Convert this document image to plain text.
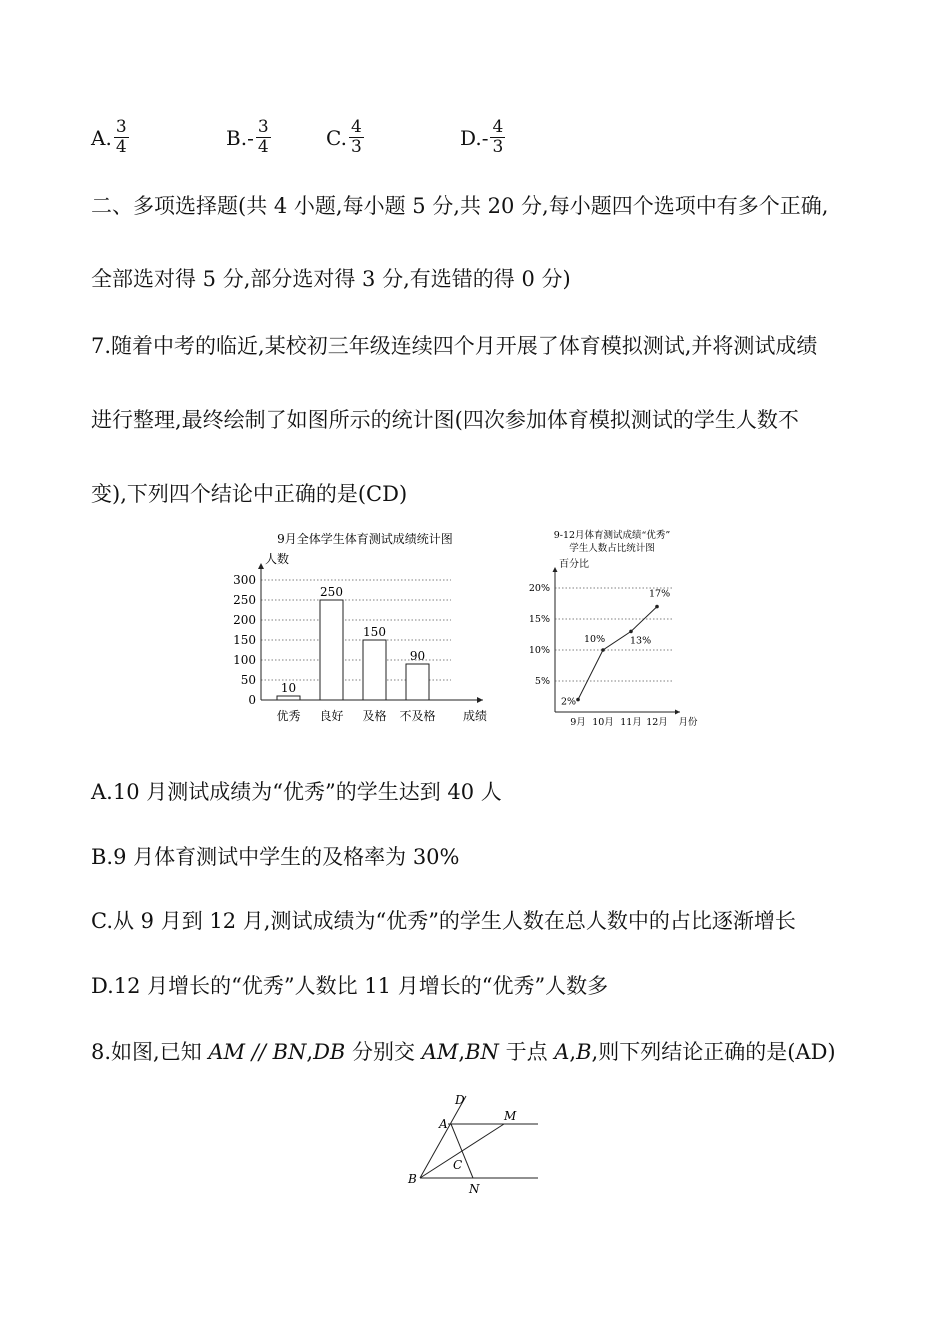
A. $\frac{3}{4}$	B. - $\frac{3}{4}$	C. $\frac{4}{3}$	D. - $\frac{4}{3}$
二、多项选择题(共 4 小题,每小题 5 分,共 20 分,每小题四个选项中有多个正确,
全部选对得 5 分,部分选对得 3 分,有选错的得 0 分)
7.随着中考的临近,某校初三年级连续四个月开展了体育模拟测试,并将测试成绩
进行整理,最终绘制了如图所示的统计图(四次参加体育模拟测试的学生人数不
变),下列四个结论中正确的是(CD)
9月全体学生体育测试成绩统计图
人数
0
50
100
150
200
250
300
10
优秀
250
良好
150
及格
90
不及格 成绩
9-12月体育测试成绩“优秀”
学生人数占比统计图
百分比
5%
10%
15%
20%
2%
9月
10%
10月
13%
11月
17%
12月 月份
A.10 月测试成绩为“优秀”的学生达到 40 人
B.9 月体育测试中学生的及格率为 30%
C.从 9 月到 12 月,测试成绩为“优秀”的学生人数在总人数中的占比逐渐增长
D.12 月增长的“优秀”人数比 11 月增长的“优秀”人数多
8.如图,已知 AM // BN,DB 分别交 AM,BN 于点 A,B,则下列结论正确的是(AD)
D
A
M
C
B
N
